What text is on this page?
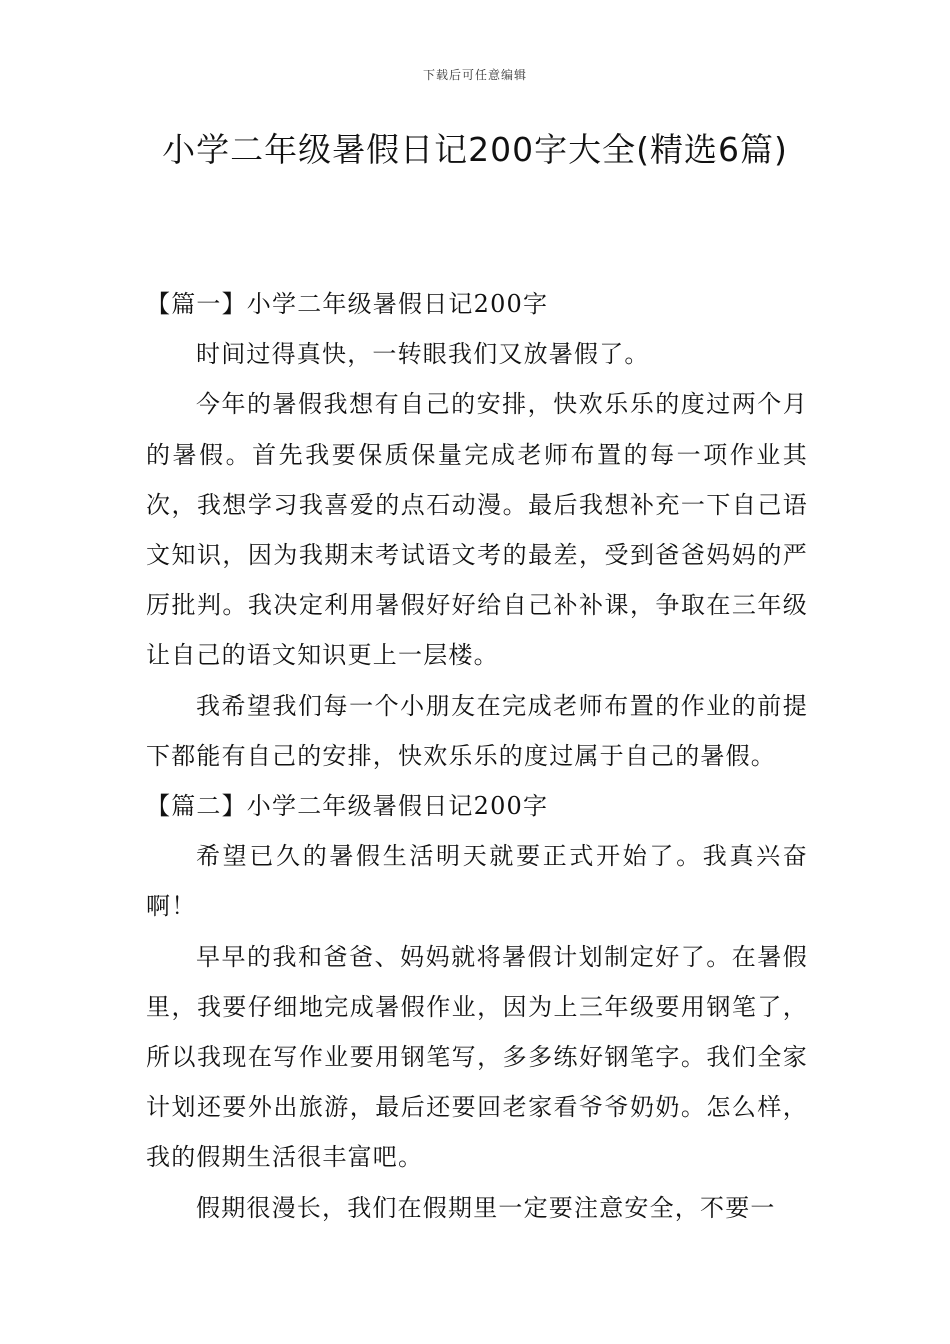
下载后可任意编辑
小学二年级暑假日记200字大全(精选6篇)

【篇一】小学二年级暑假日记200字

时间过得真快，一转眼我们又放暑假了。

今年的暑假我想有自己的安排，快欢乐乐的度过两个月的暑假。首先我要保质保量完成老师布置的每一项作业其次，我想学习我喜爱的点石动漫。最后我想补充一下自己语文知识，因为我期末考试语文考的最差，受到爸爸妈妈的严厉批判。我决定利用暑假好好给自己补补课，争取在三年级让自己的语文知识更上一层楼。

我希望我们每一个小朋友在完成老师布置的作业的前提下都能有自己的安排，快欢乐乐的度过属于自己的暑假。

【篇二】小学二年级暑假日记200字

希望已久的暑假生活明天就要正式开始了。我真兴奋啊！

早早的我和爸爸、妈妈就将暑假计划制定好了。在暑假里，我要仔细地完成暑假作业，因为上三年级要用钢笔了，所以我现在写作业要用钢笔写，多多练好钢笔字。我们全家计划还要外出旅游，最后还要回老家看爷爷奶奶。怎么样，我的假期生活很丰富吧。

假期很漫长，我们在假期里一定要注意安全，不要一
